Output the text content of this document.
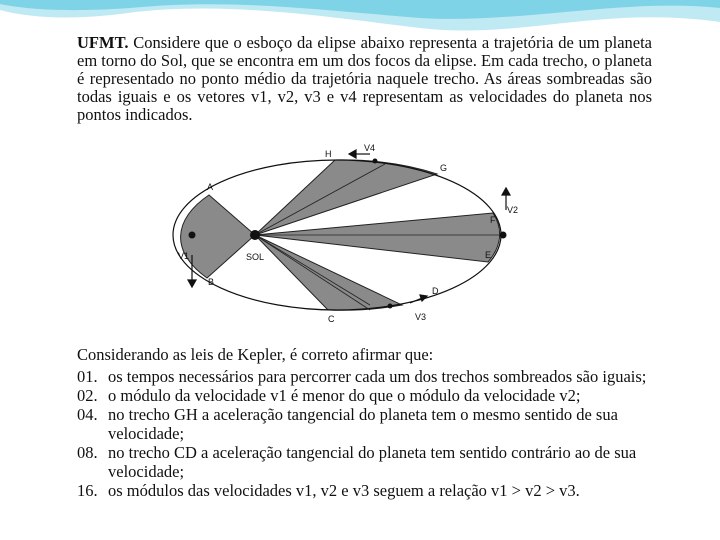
UFMT. Considere que o esboço da elipse abaixo representa a trajetória de um planeta em torno do Sol, que se encontra em um dos focos da elipse. Em cada trecho, o planeta é representado no ponto médio da trajetória naquele trecho. As áreas sombreadas são todas iguais e os vetores v1, v2, v3 e v4 representam as velocidades do planeta nos pontos indicados.
SOL
A
B
C
D
E
F
G
H
V1
V2
V3
V4
Considerando as leis de Kepler, é correto afirmar que:
01. os tempos necessários para percorrer cada um dos trechos sombreados são iguais;
02. o módulo da velocidade v1 é menor do que o módulo da velocidade v2;
04. no trecho GH a aceleração tangencial do planeta tem o mesmo sentido de sua velocidade;
08. no trecho CD a aceleração tangencial do planeta tem sentido contrário ao de sua velocidade;
16. os módulos das velocidades v1, v2 e v3 seguem a relação v1 > v2 > v3.
